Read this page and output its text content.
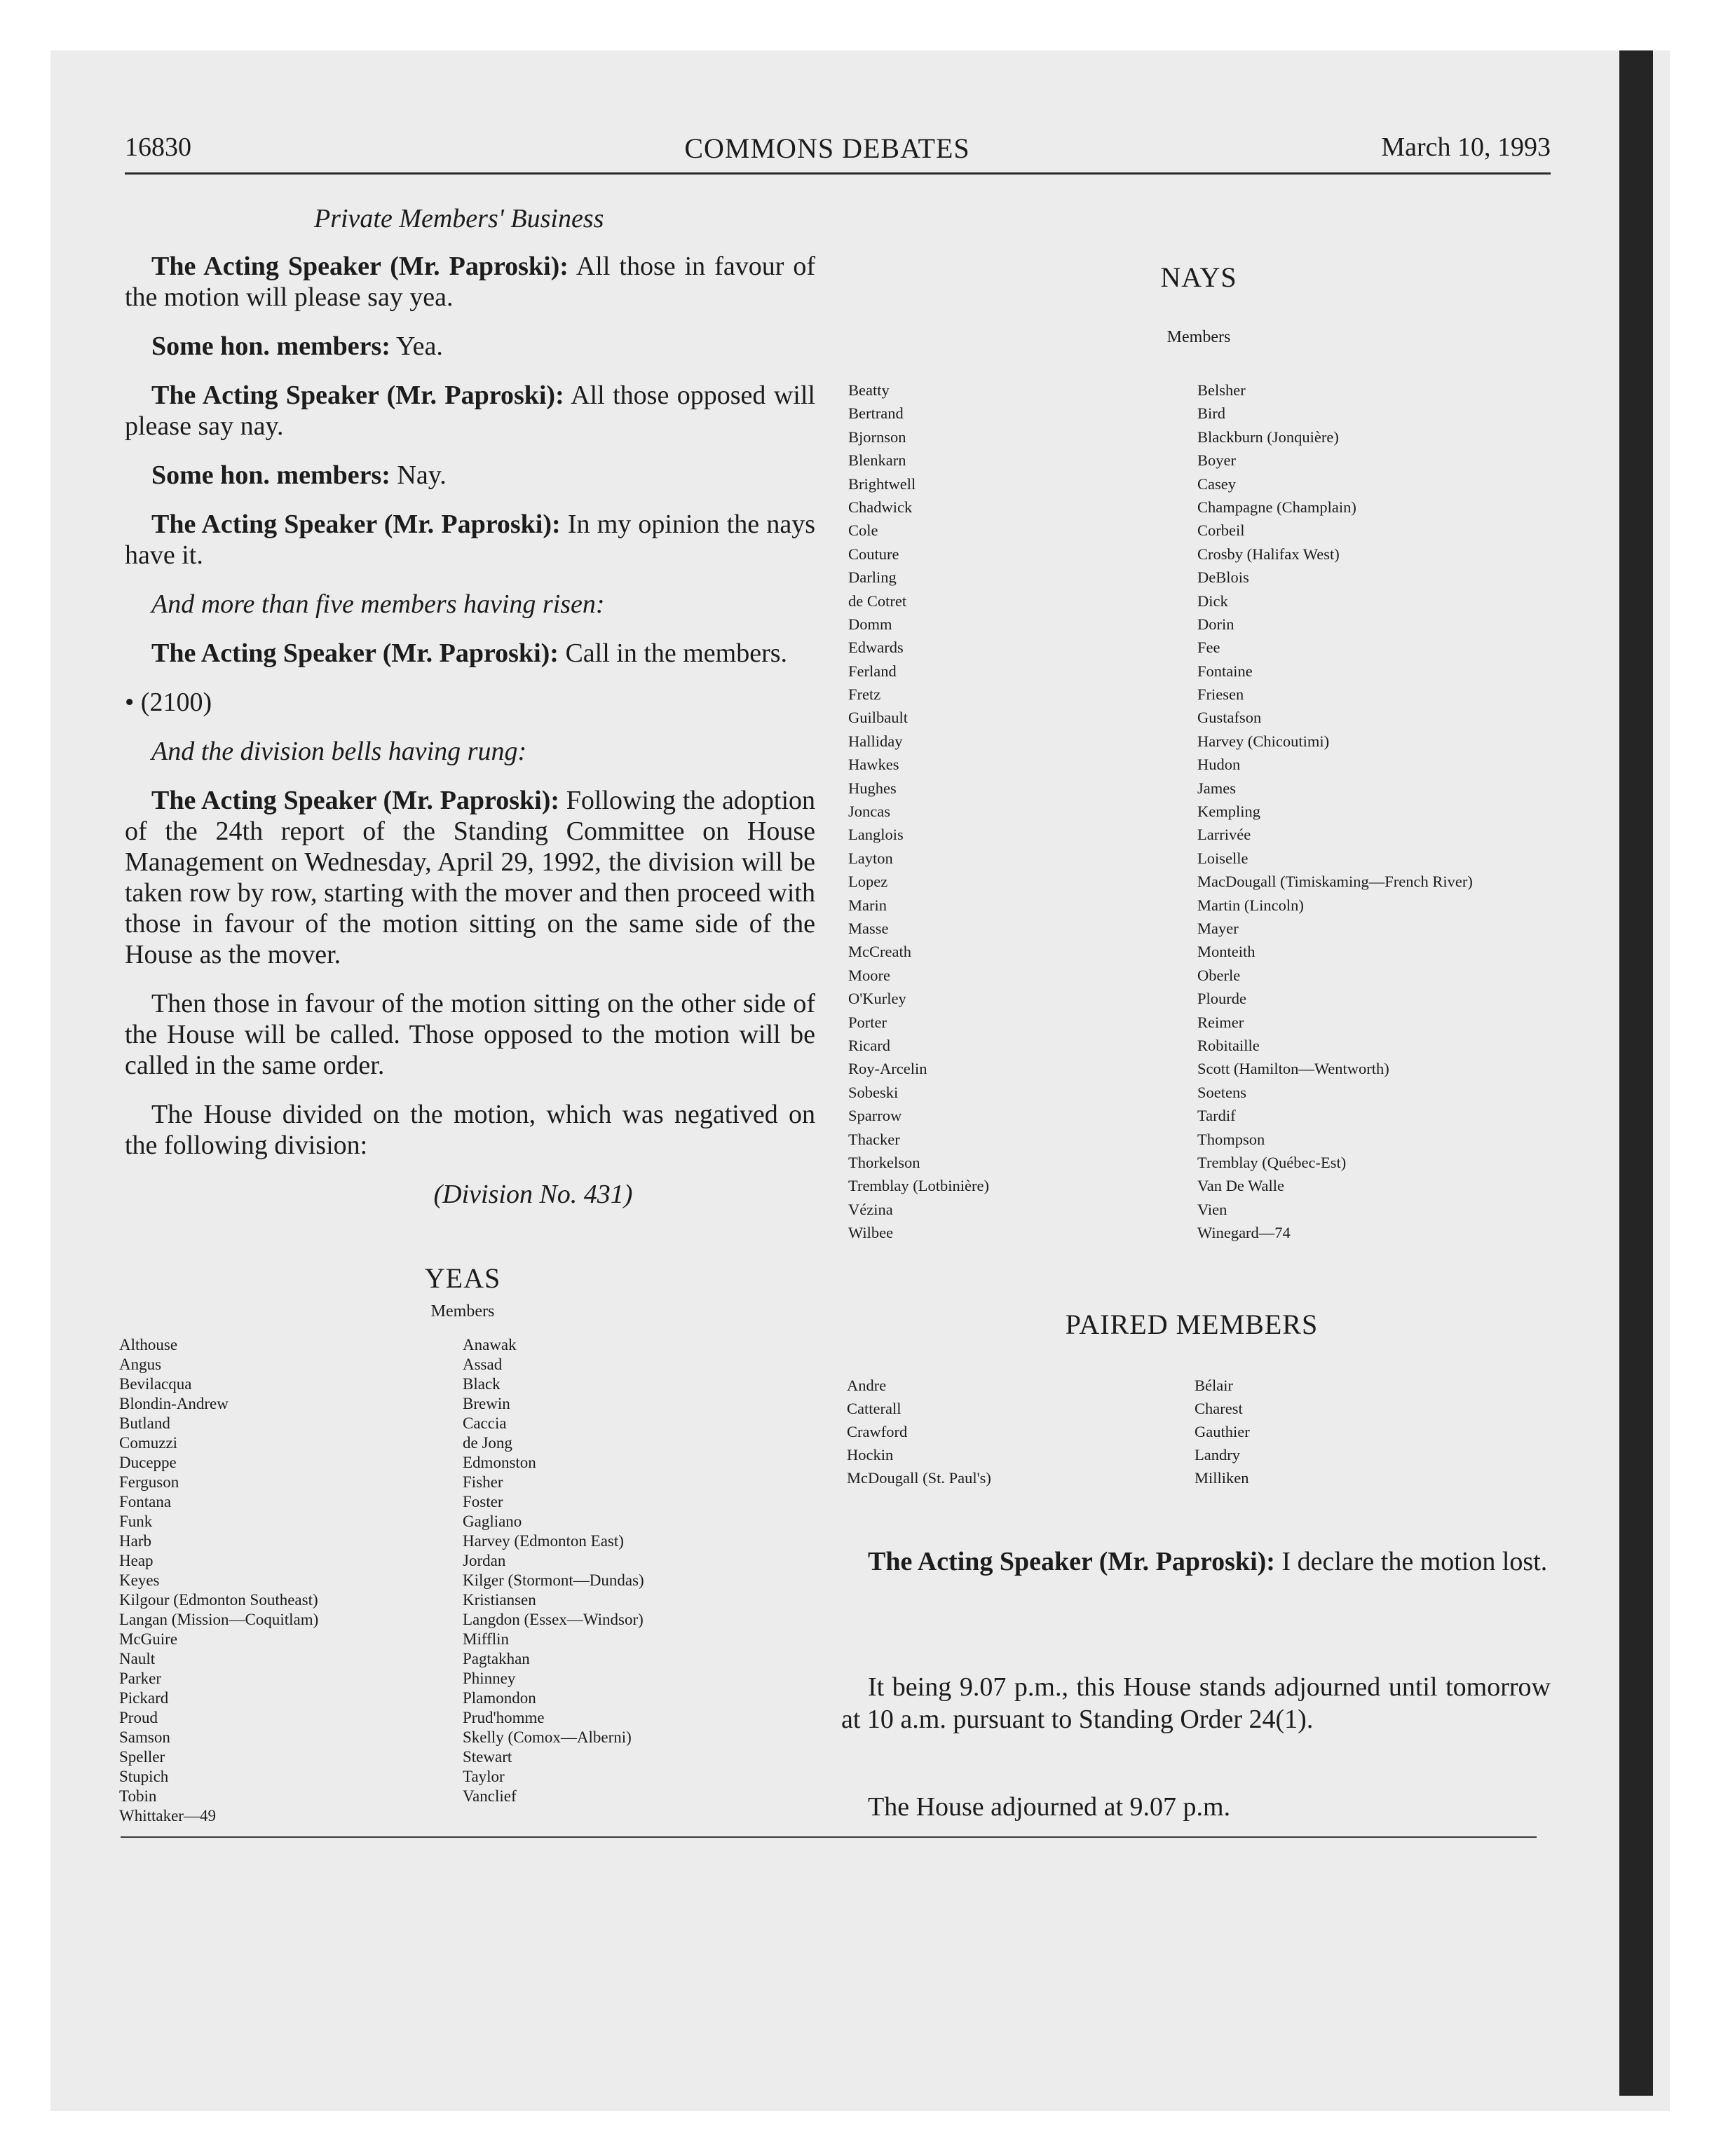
16830	COMMONS DEBATES	March 10, 1993
Private Members' Business

The Acting Speaker (Mr. Paproski): All those in favour of the motion will please say yea.

Some hon. members: Yea.

The Acting Speaker (Mr. Paproski): All those opposed will please say nay.

Some hon. members: Nay.

The Acting Speaker (Mr. Paproski): In my opinion the nays have it.

And more than five members having risen:

The Acting Speaker (Mr. Paproski): Call in the members.

• (2100)

And the division bells having rung:

The Acting Speaker (Mr. Paproski): Following the adoption of the 24th report of the Standing Committee on House Management on Wednesday, April 29, 1992, the division will be taken row by row, starting with the mover and then proceed with those in favour of the motion sitting on the same side of the House as the mover.

Then those in favour of the motion sitting on the other side of the House will be called. Those opposed to the motion will be called in the same order.

The House divided on the motion, which was negatived on the following division:

(Division No. 431)
YEAS
Members
Althouse
Angus
Bevilacqua
Blondin-Andrew
Butland
Comuzzi
Duceppe
Ferguson
Fontana
Funk
Harb
Heap
Keyes
Kilgour (Edmonton Southeast)
Langan (Mission—Coquitlam)
McGuire
Nault
Parker
Pickard
Proud
Samson
Speller
Stupich
Tobin
Whittaker—49
Anawak
Assad
Black
Brewin
Caccia
de Jong
Edmonston
Fisher
Foster
Gagliano
Harvey (Edmonton East)
Jordan
Kilger (Stormont—Dundas)
Kristiansen
Langdon (Essex—Windsor)
Mifflin
Pagtakhan
Phinney
Plamondon
Prud'homme
Skelly (Comox—Alberni)
Stewart
Taylor
Vanclief
NAYS
Members
Beatty
Bertrand
Bjornson
Blenkarn
Brightwell
Chadwick
Cole
Couture
Darling
de Cotret
Domm
Edwards
Ferland
Fretz
Guilbault
Halliday
Hawkes
Hughes
Joncas
Langlois
Layton
Lopez
Marin
Masse
McCreath
Moore
O'Kurley
Porter
Ricard
Roy-Arcelin
Sobeski
Sparrow
Thacker
Thorkelson
Tremblay (Lotbinière)
Vézina
Wilbee
Belsher
Bird
Blackburn (Jonquière)
Boyer
Casey
Champagne (Champlain)
Corbeil
Crosby (Halifax West)
DeBlois
Dick
Dorin
Fee
Fontaine
Friesen
Gustafson
Harvey (Chicoutimi)
Hudon
James
Kempling
Larrivée
Loiselle
MacDougall (Timiskaming—French River)
Martin (Lincoln)
Mayer
Monteith
Oberle
Plourde
Reimer
Robitaille
Scott (Hamilton—Wentworth)
Soetens
Tardif
Thompson
Tremblay (Québec-Est)
Van De Walle
Vien
Winegard—74
PAIRED MEMBERS
Andre
Catterall
Crawford
Hockin
McDougall (St. Paul's)
Bélair
Charest
Gauthier
Landry
Milliken

The Acting Speaker (Mr. Paproski): I declare the motion lost.

It being 9.07 p.m., this House stands adjourned until tomorrow at 10 a.m. pursuant to Standing Order 24(1).

The House adjourned at 9.07 p.m.
